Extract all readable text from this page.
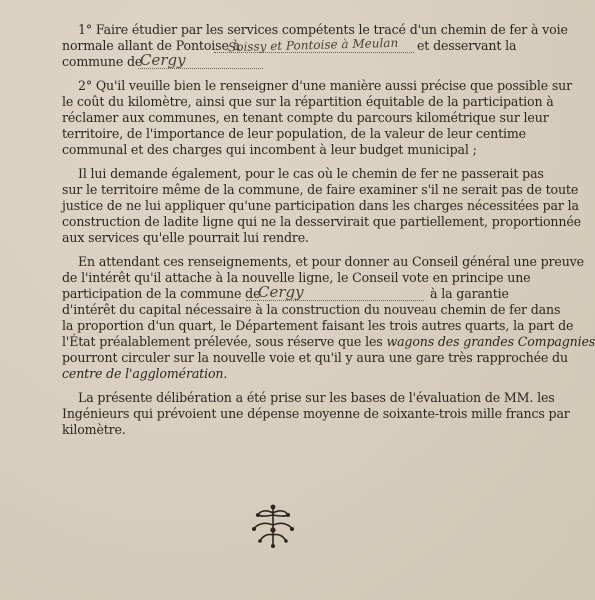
1° Faire étudier par les services compétents le tracé d'un chemin de fer à voie

normale allant de Pontoise à

Soissy et Pontoise à Meulan et desservant la

commune de

Cergy

2° Qu'il veuille bien le renseigner d'une manière aussi précise que possible sur

le coût du kilomètre, ainsi que sur la répartition équitable de la participation à

réclamer aux communes, en tenant compte du parcours kilométrique sur leur

territoire, de l'importance de leur population, de la valeur de leur centime

communal et des charges qui incombent à leur budget municipal ;

Il lui demande également, pour le cas où le chemin de fer ne passerait pas

sur le territoire même de la commune, de faire examiner s'il ne serait pas de toute

justice de ne lui appliquer qu'une participation dans les charges nécessitées par la

construction de ladite ligne qui ne la desservirait que partiellement, proportionnée

aux services qu'elle pourrait lui rendre.

En attendant ces renseignements, et pour donner au Conseil général une preuve

de l'intérêt qu'il attache à la nouvelle ligne, le Conseil vote en principe une

participation de la commune de

Cergy	à la garantie

d'intérêt du capital nécessaire à la construction du nouveau chemin de fer dans

la proportion d'un quart, le Département faisant les trois autres quarts, la part de

l'État préalablement prélevée, sous réserve que les wagons des grandes Compagnies

pourront circuler sur la nouvelle voie et qu'il y aura une gare très rapprochée du

centre de l'agglomération.

La présente délibération a été prise sur les bases de l'évaluation de MM. les

Ingénieurs qui prévoient une dépense moyenne de soixante-trois mille francs par

kilomètre.
